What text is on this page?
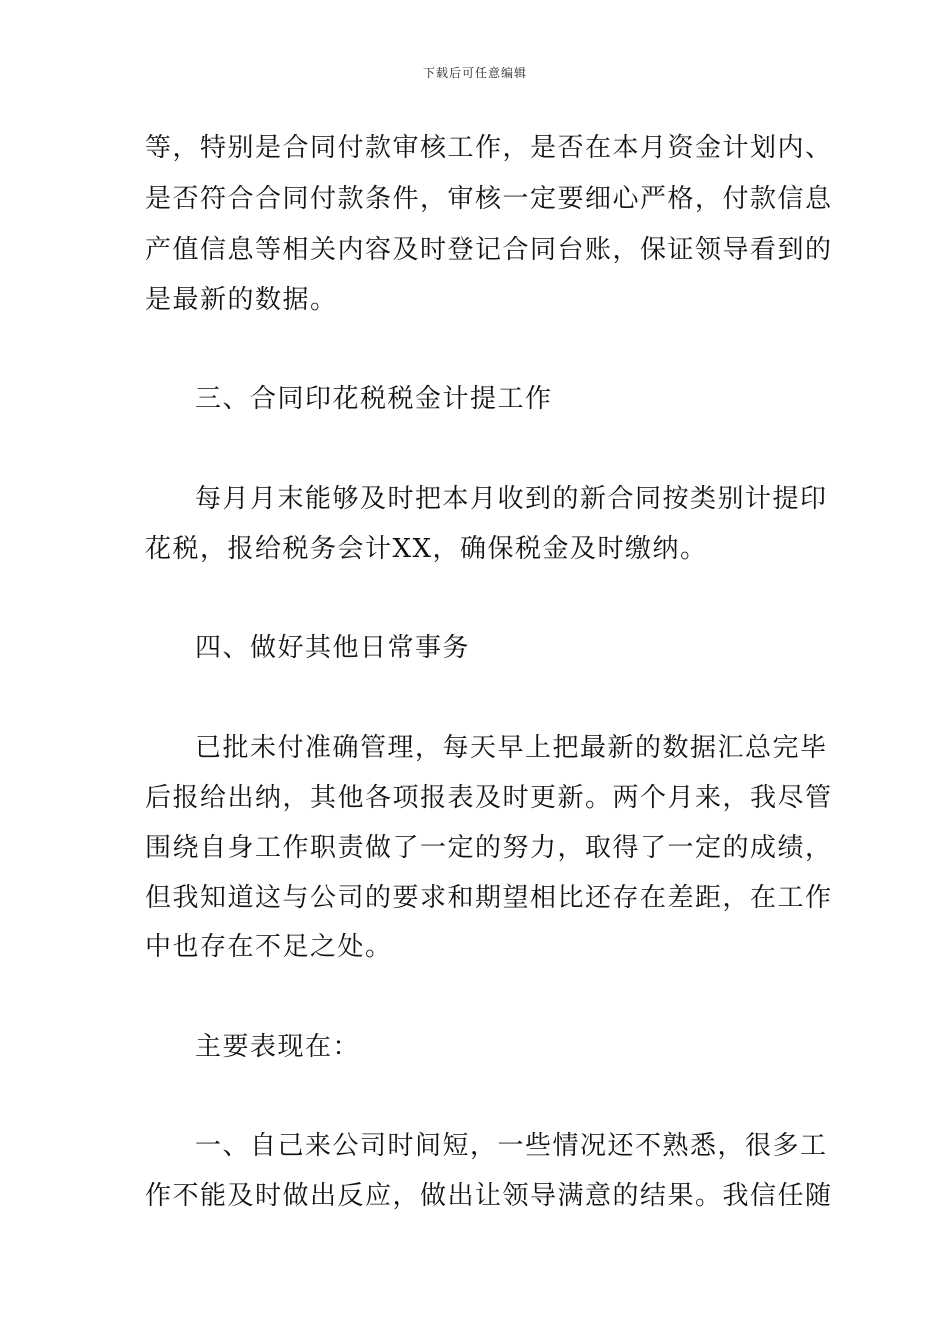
下载后可任意编辑
等，特别是合同付款审核工作，是否在本月资金计划内、
是否符合合同付款条件，审核一定要细心严格，付款信息
产值信息等相关内容及时登记合同台账，保证领导看到的
是最新的数据。
三、合同印花税税金计提工作
每月月末能够及时把本月收到的新合同按类别计提印
花税，报给税务会计XX，确保税金及时缴纳。
四、做好其他日常事务
已批未付准确管理，每天早上把最新的数据汇总完毕
后报给出纳，其他各项报表及时更新。两个月来，我尽管
围绕自身工作职责做了一定的努力，取得了一定的成绩，
但我知道这与公司的要求和期望相比还存在差距，在工作
中也存在不足之处。
主要表现在：
一、自己来公司时间短，一些情况还不熟悉，很多工
作不能及时做出反应，做出让领导满意的结果。我信任随
